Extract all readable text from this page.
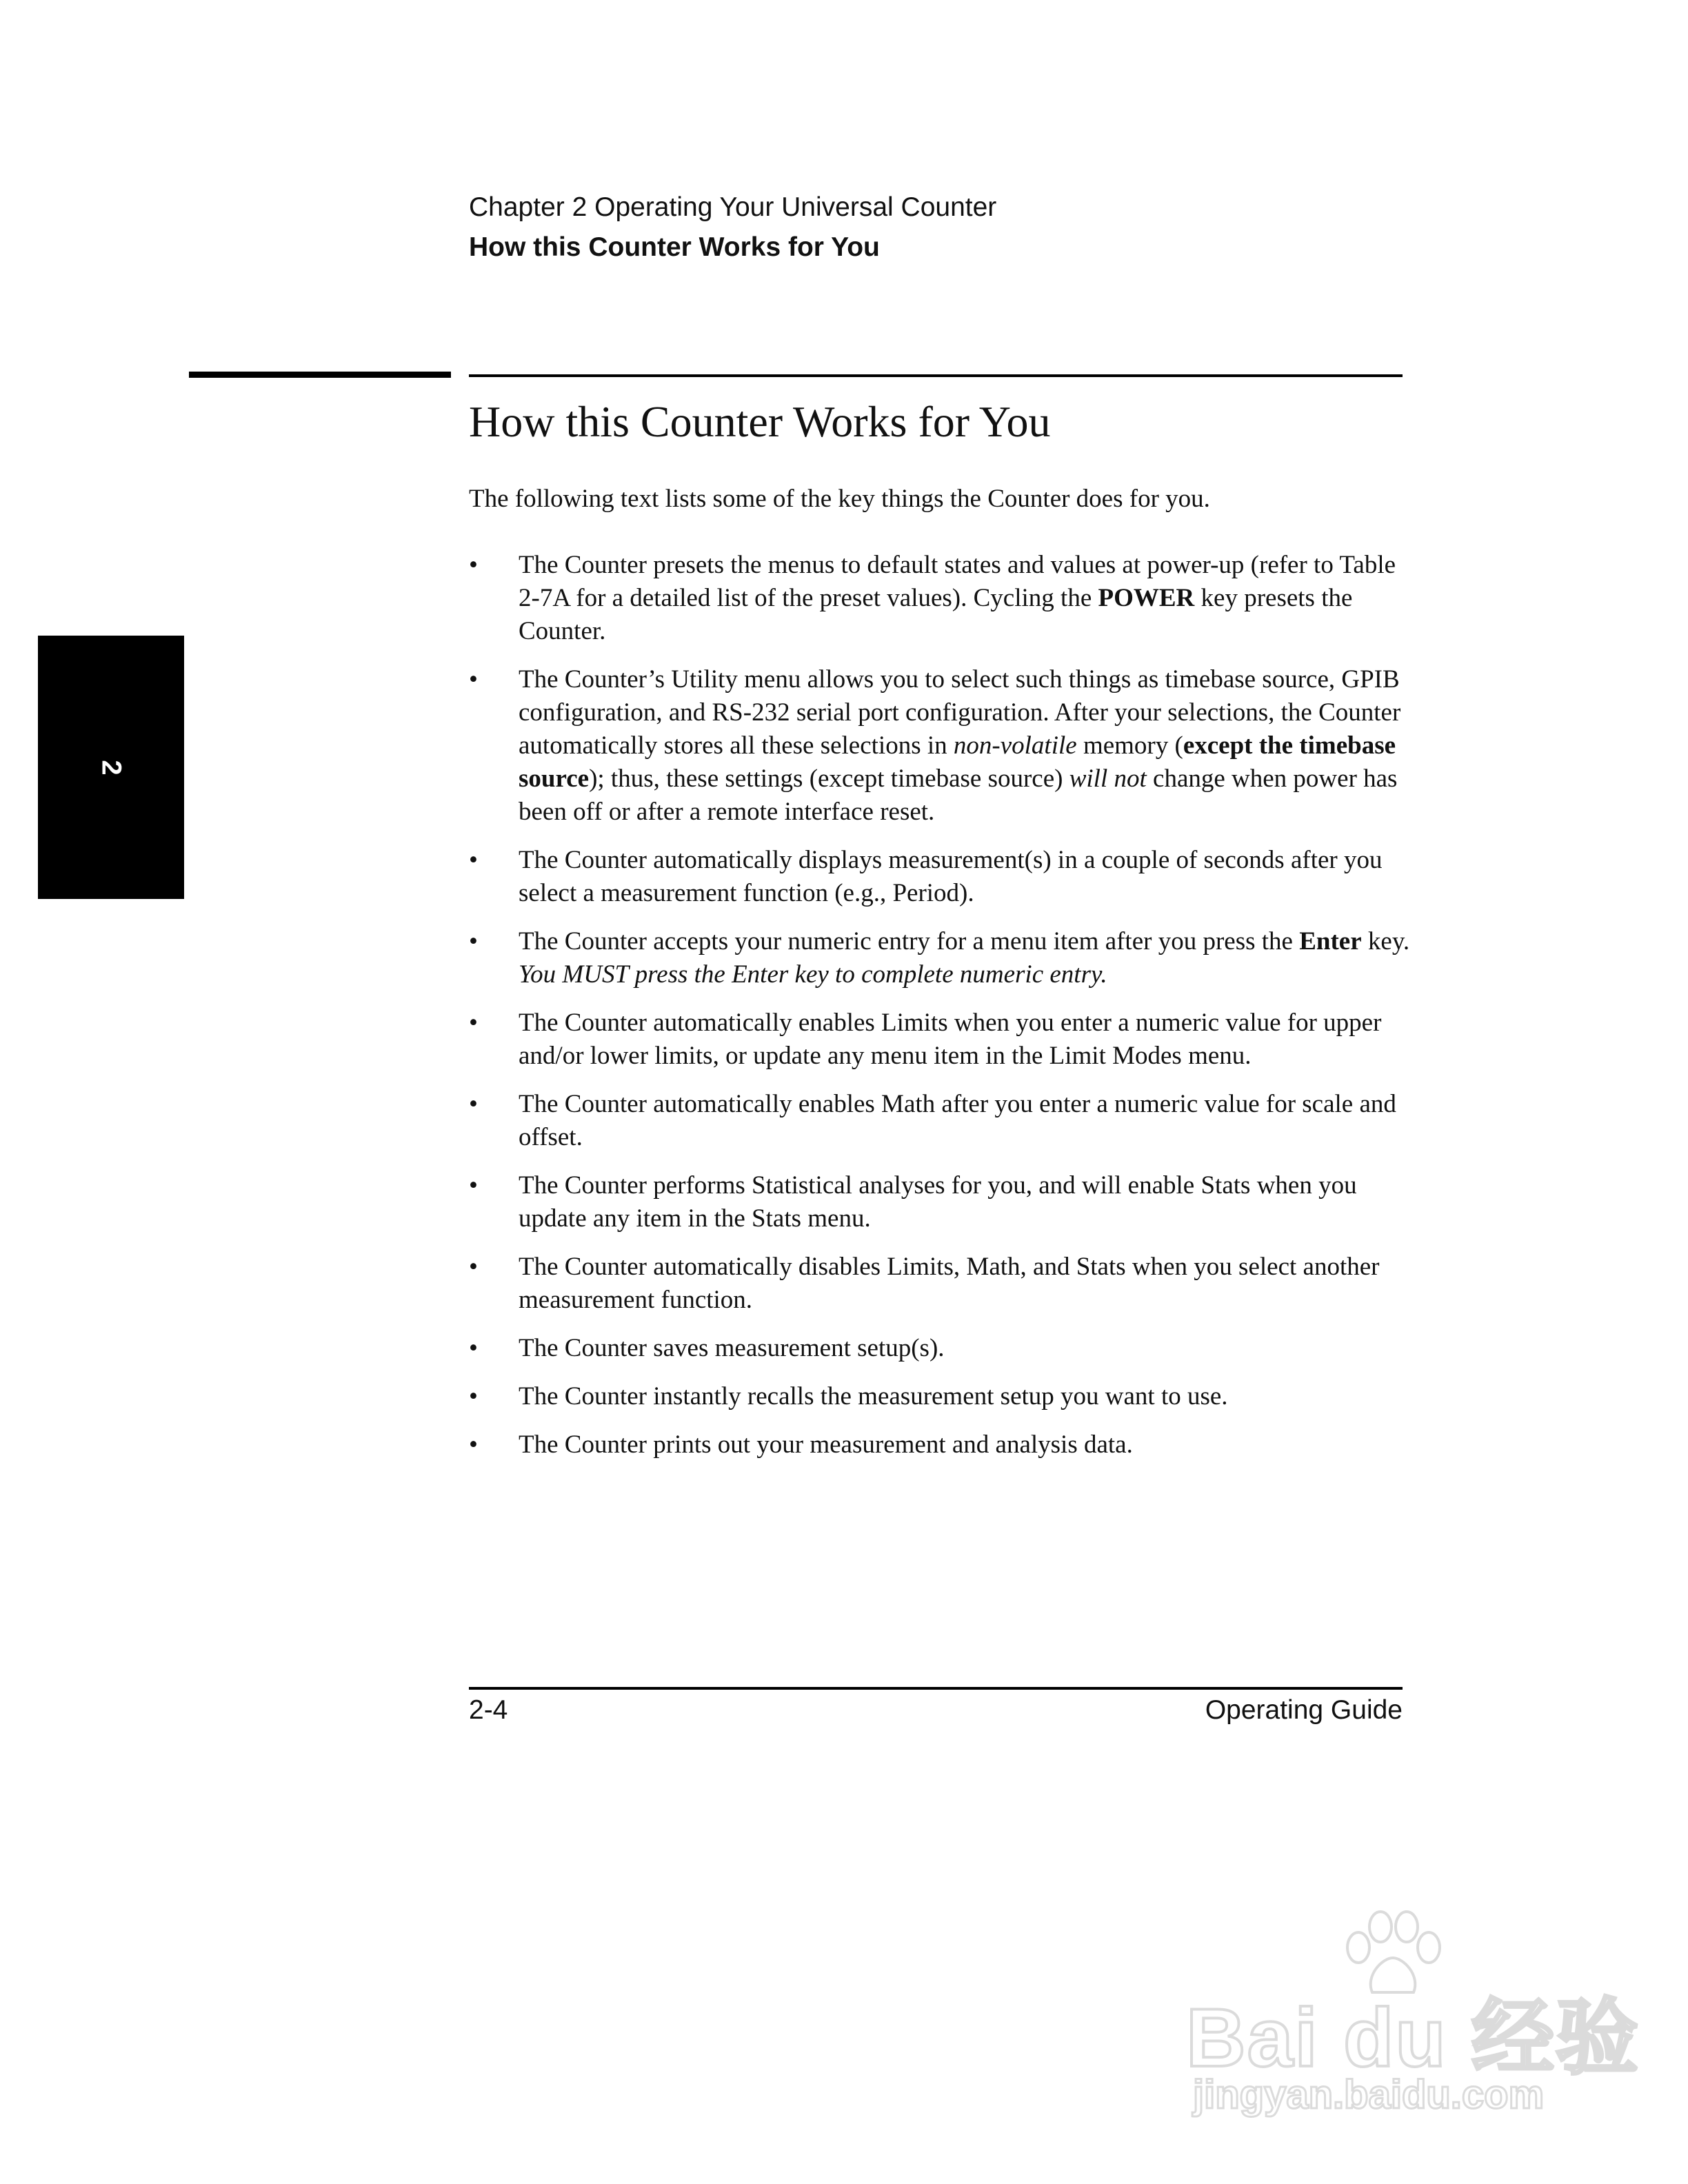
Chapter 2 Operating Your Universal Counter
How this Counter Works for You
2
How this Counter Works for You

The following text lists some of the key things the Counter does for you.

• The Counter presets the menus to default states and values at power-up (refer to Table 2-7A for a detailed list of the preset values). Cycling the POWER key presets the Counter.
• The Counter’s Utility menu allows you to select such things as timebase source, GPIB configuration, and RS-232 serial port configuration. After your selections, the Counter automatically stores all these selections in non-volatile memory (except the timebase source); thus, these settings (except timebase source) will not change when power has been off or after a remote interface reset.
• The Counter automatically displays measurement(s) in a couple of seconds after you select a measurement function (e.g., Period).
• The Counter accepts your numeric entry for a menu item after you press the Enter key. You MUST press the Enter key to complete numeric entry.
• The Counter automatically enables Limits when you enter a numeric value for upper and/or lower limits, or update any menu item in the Limit Modes menu.
• The Counter automatically enables Math after you enter a numeric value for scale and offset.
• The Counter performs Statistical analyses for you, and will enable Stats when you update any item in the Stats menu.
• The Counter automatically disables Limits, Math, and Stats when you select another measurement function.
• The Counter saves measurement setup(s).
• The Counter instantly recalls the measurement setup you want to use.
• The Counter prints out your measurement and analysis data.
2-4	Operating Guide
Bai du 经验
jingyan.baidu.com
